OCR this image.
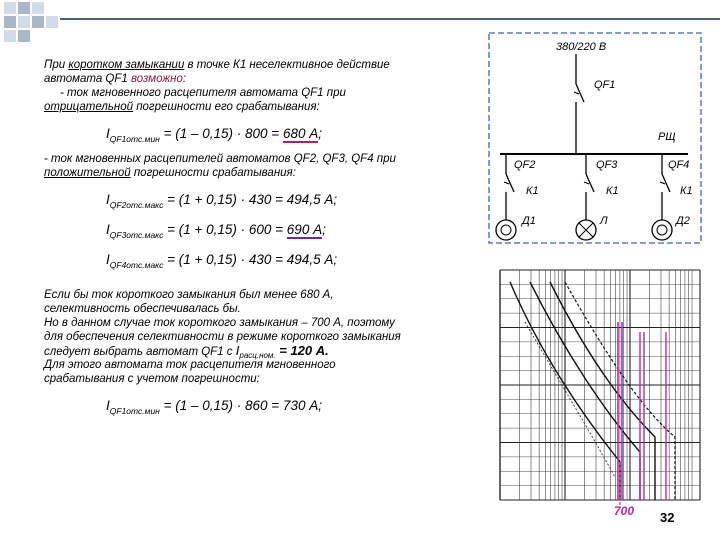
При коротком замыкании в точке К1 неселективное действие
автомата QF1 возможно:
- ток мгновенного расцепителя автомата QF1 при
отрицательной погрешности его срабатывания:
$I_{QF1отс.мин} = (1 - 0,15) \cdot 800 = 680$ А;
- ток мгновенных расцепителей автоматов QF2, QF3, QF4 при
положительной погрешности срабатывания:
$I_{QF2отс.макс} = (1 + 0,15) \cdot 430 = 494,5$ А;
$I_{QF3отс.макс} = (1 + 0,15) \cdot 600 = 690$ А;
$I_{QF4отс.макс} = (1 + 0,15) \cdot 430 = 494,5$ А;
Если бы ток короткого замыкания был менее 680 А,
селективность обеспечивалась бы.
Но в данном случае ток короткого замыкания – 700 А, поэтому
для обеспечения селективности в режиме короткого замыкания
следует выбрать автомат QF1 с $I_{расц.ном.} = 120$ А.
Для этого автомата ток расцепителя мгновенного
срабатывания с учетом погрешности:
$I_{QF1отс.мин} = (1 - 0,15) \cdot 860 = 730$ А;
380/220 В
QF1
РЩ
QF2
К1
Д1
QF3
К1
Л
QF4
К1
Д2
700 32
